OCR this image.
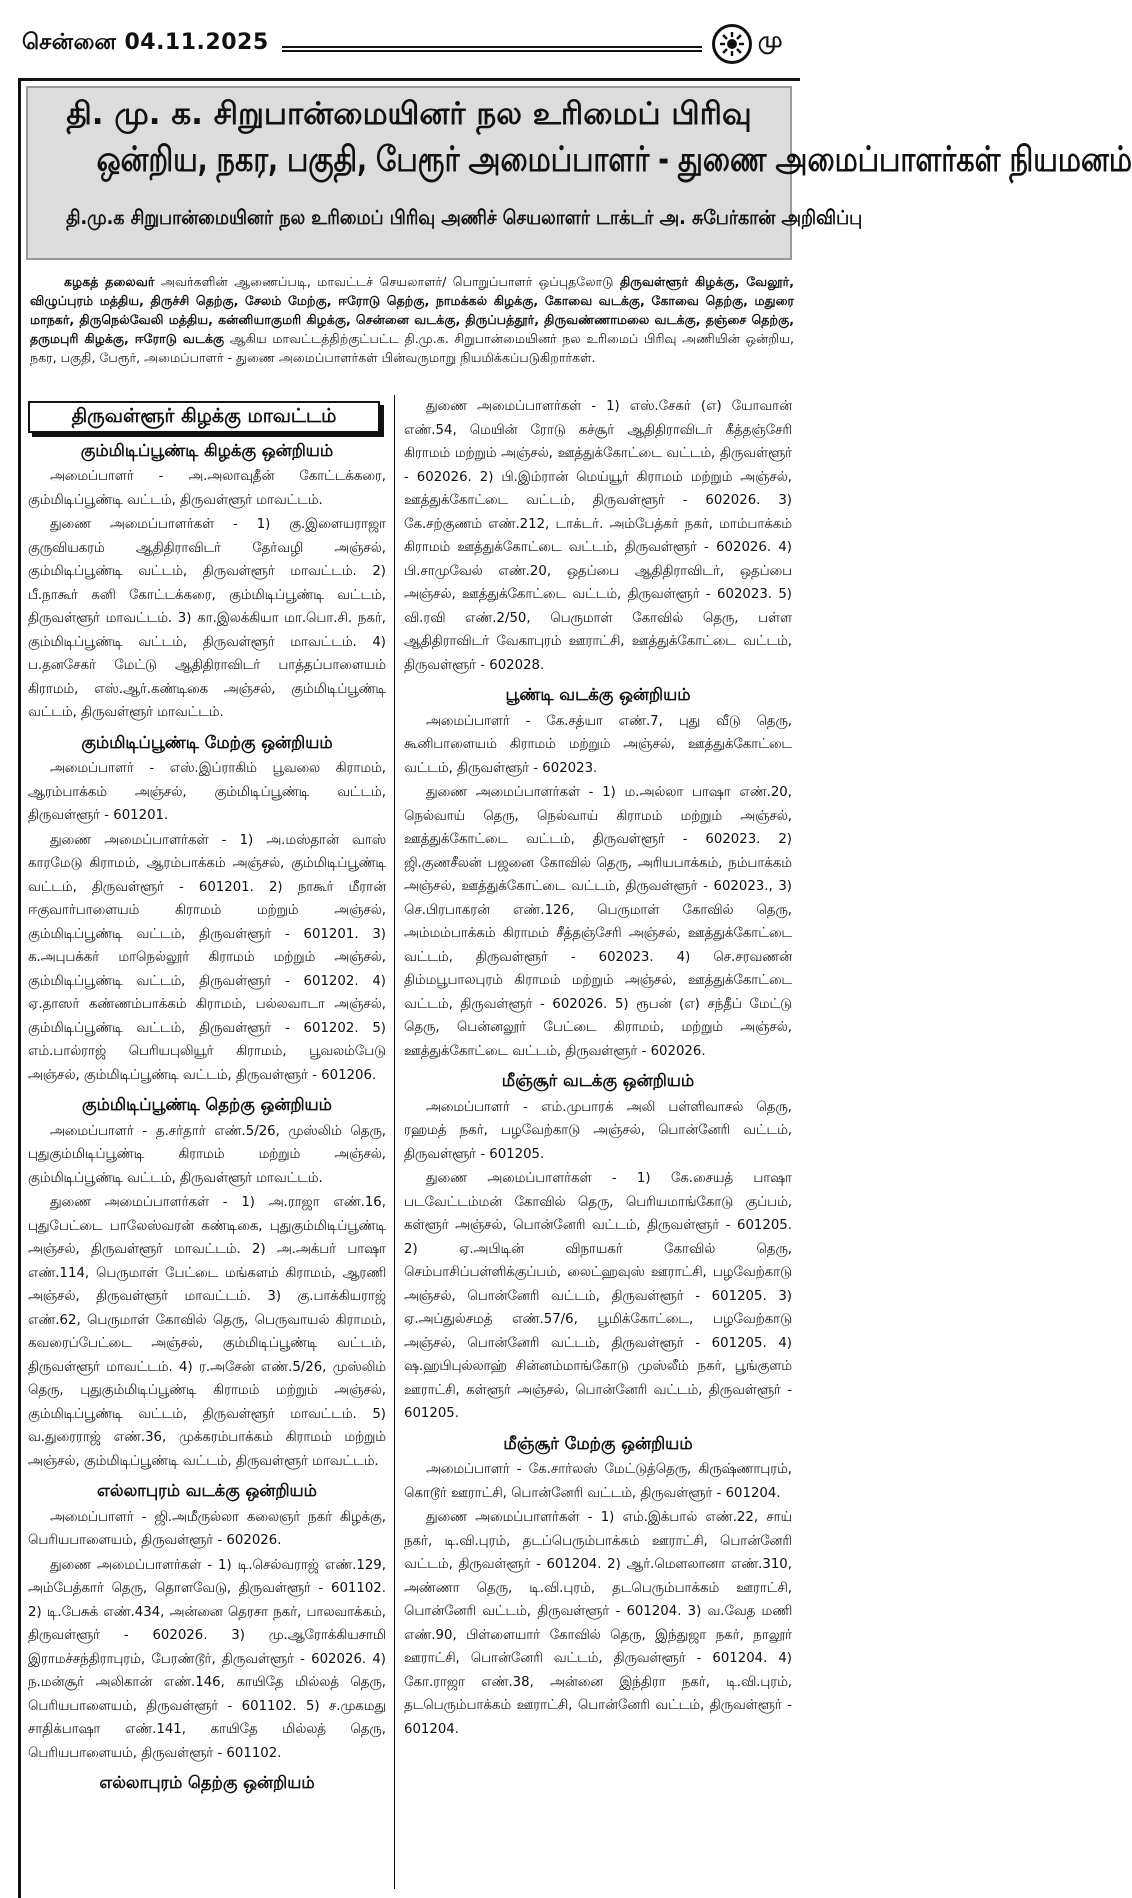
சென்னை 04.11.2025	மு
தி. மு. க. சிறுபான்மையினர் நல உரிமைப் பிரிவு
ஒன்றிய, நகர, பகுதி, பேரூர் அமைப்பாளர் - துணை அமைப்பாளர்கள் நியமனம்
தி.மு.க சிறுபான்மையினர் நல உரிமைப் பிரிவு அணிச் செயலாளர் டாக்டர் அ. சுபேர்கான் அறிவிப்பு

கழகத் தலைவர் அவர்களின் ஆணைப்படி, மாவட்டச் செயலாளர்/ பொறுப்பாளர் ஒப்புதலோடு திருவள்ளூர் கிழக்கு, வேலூர், விழுப்புரம் மத்திய, திருச்சி தெற்கு, சேலம் மேற்கு, ஈரோடு தெற்கு, நாமக்கல் கிழக்கு, கோவை வடக்கு, கோவை தெற்கு, மதுரை மாநகர், திருநெல்வேலி மத்திய, கன்னியாகுமரி கிழக்கு, சென்னை வடக்கு, திருப்பத்தூர், திருவண்ணாமலை வடக்கு, தஞ்சை தெற்கு, தருமபுரி கிழக்கு, ஈரோடு வடக்கு ஆகிய மாவட்டத்திற்குட்பட்ட தி.மு.க. சிறுபான்மையினர் நல உரிமைப் பிரிவு அணியின் ஒன்றிய, நகர, பகுதி, பேரூர், அமைப்பாளர் - துணை அமைப்பாளர்கள் பின்வருமாறு நியமிக்கப்படுகிறார்கள்.

திருவள்ளூர் கிழக்கு மாவட்டம்
கும்மிடிப்பூண்டி கிழக்கு ஒன்றியம்

அமைப்பாளர் - அ.அலாவுதீன் கோட்டக்கரை, கும்மிடிப்பூண்டி வட்டம், திருவள்ளூர் மாவட்டம்.

துணை அமைப்பாளர்கள் - 1) கு.இளையராஜா குருவியகரம் ஆதிதிராவிடர் தேர்வழி அஞ்சல், கும்மிடிப்பூண்டி வட்டம், திருவள்ளூர் மாவட்டம். 2) பீ.நாகூர் கனி கோட்டக்கரை, கும்மிடிப்பூண்டி வட்டம், திருவள்ளூர் மாவட்டம். 3) கா.இலக்கியா மா.பொ.சி. நகர், கும்மிடிப்பூண்டி வட்டம், திருவள்ளூர் மாவட்டம். 4) ப.தனசேகர் மேட்டு ஆதிதிராவிடர் பாத்தப்பாளையம் கிராமம், எஸ்.ஆர்.கண்டிகை அஞ்சல், கும்மிடிப்பூண்டி வட்டம், திருவள்ளூர் மாவட்டம்.

கும்மிடிப்பூண்டி மேற்கு ஒன்றியம்

அமைப்பாளர் - எஸ்.இப்ராகிம் பூவலை கிராமம், ஆரம்பாக்கம் அஞ்சல், கும்மிடிப்பூண்டி வட்டம், திருவள்ளூர் - 601201.

துணை அமைப்பாளர்கள் - 1) அ.மஸ்தான் வாஸ் காரமேடு கிராமம், ஆரம்பாக்கம் அஞ்சல், கும்மிடிப்பூண்டி வட்டம், திருவள்ளூர் - 601201. 2) நாகூர் மீரான் ஈகுவார்பாளையம் கிராமம் மற்றும் அஞ்சல், கும்மிடிப்பூண்டி வட்டம், திருவள்ளூர் - 601201. 3) க.அபுபக்கர் மாநெல்லூர் கிராமம் மற்றும் அஞ்சல், கும்மிடிப்பூண்டி வட்டம், திருவள்ளூர் - 601202. 4) ஏ.தாஸர் கண்ணம்பாக்கம் கிராமம், பல்லவாடா அஞ்சல், கும்மிடிப்பூண்டி வட்டம், திருவள்ளூர் - 601202. 5) எம்.பால்ராஜ் பெரியபுலியூர் கிராமம், பூவலம்பேடு அஞ்சல், கும்மிடிப்பூண்டி வட்டம், திருவள்ளூர் - 601206.

கும்மிடிப்பூண்டி தெற்கு ஒன்றியம்

அமைப்பாளர் - த.சர்தார் எண்.5/26, முஸ்லிம் தெரு, புதுகும்மிடிப்பூண்டி கிராமம் மற்றும் அஞ்சல், கும்மிடிப்பூண்டி வட்டம், திருவள்ளூர் மாவட்டம்.

துணை அமைப்பாளர்கள் - 1) அ.ராஜா எண்.16, புதுபேட்டை பாலேஸ்வரன் கண்டிகை, புதுகும்மிடிப்பூண்டி அஞ்சல், திருவள்ளூர் மாவட்டம். 2) அ.அக்பர் பாஷா எண்.114, பெருமாள் பேட்டை மங்களம் கிராமம், ஆரணி அஞ்சல், திருவள்ளூர் மாவட்டம். 3) கு.பாக்கியராஜ் எண்.62, பெருமாள் கோவில் தெரு, பெருவாயல் கிராமம், கவரைப்பேட்டை அஞ்சல், கும்மிடிப்பூண்டி வட்டம், திருவள்ளூர் மாவட்டம். 4) ர.அசேன் எண்.5/26, முஸ்லிம் தெரு, புதுகும்மிடிப்பூண்டி கிராமம் மற்றும் அஞ்சல், கும்மிடிப்பூண்டி வட்டம், திருவள்ளூர் மாவட்டம். 5) வ.துரைராஜ் எண்.36, முக்கரம்பாக்கம் கிராமம் மற்றும் அஞ்சல், கும்மிடிப்பூண்டி வட்டம், திருவள்ளூர் மாவட்டம்.

எல்லாபுரம் வடக்கு ஒன்றியம்

அமைப்பாளர் - ஜி.அமீருல்லா கலைஞர் நகர் கிழக்கு, பெரியபாளையம், திருவள்ளூர் - 602026.

துணை அமைப்பாளர்கள் - 1) டி.செல்வராஜ் எண்.129, அம்பேத்கார் தெரு, தொளவேடு, திருவள்ளூர் - 601102. 2) டி.பேசுக் எண்.434, அன்னை தெரசா நகர், பாலவாக்கம், திருவள்ளூர் - 602026. 3) மு.ஆரோக்கியசாமி இராமச்சந்திராபுரம், பேரண்டூர், திருவள்ளூர் - 602026. 4) ந.மன்சூர் அலிகான் எண்.146, காயிதே மில்லத் தெரு, பெரியபாளையம், திருவள்ளூர் - 601102. 5) ச.முகமது சாதிக்பாஷா எண்.141, காயிதே மில்லத் தெரு, பெரியபாளையம், திருவள்ளூர் - 601102.

எல்லாபுரம் தெற்கு ஒன்றியம்

துணை அமைப்பாளர்கள் - 1) எஸ்.சேகர் (எ) யோவான் எண்.54, மெயின் ரோடு கச்சூர் ஆதிதிராவிடர் கீத்தஞ்சேரி கிராமம் மற்றும் அஞ்சல், ஊத்துக்கோட்டை வட்டம், திருவள்ளூர் - 602026. 2) பி.இம்ரான் மெய்யூர் கிராமம் மற்றும் அஞ்சல், ஊத்துக்கோட்டை வட்டம், திருவள்ளூர் - 602026. 3) கே.சற்குணம் எண்.212, டாக்டர். அம்பேத்கர் நகர், மாம்பாக்கம் கிராமம் ஊத்துக்கோட்டை வட்டம், திருவள்ளூர் - 602026. 4) பி.சாமுவேல் எண்.20, ஒதப்பை ஆதிதிராவிடர், ஒதப்பை அஞ்சல், ஊத்துக்கோட்டை வட்டம், திருவள்ளூர் - 602023. 5) வி.ரவி எண்.2/50, பெருமாள் கோவில் தெரு, பள்ள ஆதிதிராவிடர் வேகாபுரம் ஊராட்சி, ஊத்துக்கோட்டை வட்டம், திருவள்ளூர் - 602028.

பூண்டி வடக்கு ஒன்றியம்

அமைப்பாளர் - கே.சத்யா எண்.7, புது வீடு தெரு, கூனிபாளையம் கிராமம் மற்றும் அஞ்சல், ஊத்துக்கோட்டை வட்டம், திருவள்ளூர் - 602023.

துணை அமைப்பாளர்கள் - 1) ம.அல்லா பாஷா எண்.20, நெல்வாய் தெரு, நெல்வாய் கிராமம் மற்றும் அஞ்சல், ஊத்துக்கோட்டை வட்டம், திருவள்ளூர் - 602023. 2) ஜி.குணசீலன் பஜனை கோவில் தெரு, அரியபாக்கம், நம்பாக்கம் அஞ்சல், ஊத்துக்கோட்டை வட்டம், திருவள்ளூர் - 602023., 3) செ.பிரபாகரன் எண்.126, பெருமாள் கோவில் தெரு, அம்மம்பாக்கம் கிராமம் சீத்தஞ்சேரி அஞ்சல், ஊத்துக்கோட்டை வட்டம், திருவள்ளூர் - 602023. 4) செ.சரவணன் திம்மபூபாலபுரம் கிராமம் மற்றும் அஞ்சல், ஊத்துக்கோட்டை வட்டம், திருவள்ளூர் - 602026. 5) ரூபன் (எ) சந்தீப் மேட்டு தெரு, பென்னலூர் பேட்டை கிராமம், மற்றும் அஞ்சல், ஊத்துக்கோட்டை வட்டம், திருவள்ளூர் - 602026.

மீஞ்சூர் வடக்கு ஒன்றியம்

அமைப்பாளர் - எம்.முபாரக் அலி பள்ளிவாசல் தெரு, ரஹமத் நகர், பழவேற்காடு அஞ்சல், பொன்னேரி வட்டம், திருவள்ளூர் - 601205.

துணை அமைப்பாளர்கள் - 1) கே.சையத் பாஷா படவேட்டம்மன் கோவில் தெரு, பெரியமாங்கோடு குப்பம், கள்ளூர் அஞ்சல், பொன்னேரி வட்டம், திருவள்ளூர் - 601205. 2) ஏ.அபிடின் விநாயகர் கோவில் தெரு, செம்பாசிப்பள்ளிக்குப்பம், லைட்ஹவுஸ் ஊராட்சி, பழவேற்காடு அஞ்சல், பொன்னேரி வட்டம், திருவள்ளூர் - 601205. 3) ஏ.அப்துல்சமத் எண்.57/6, பூமிக்கோட்டை, பழவேற்காடு அஞ்சல், பொன்னேரி வட்டம், திருவள்ளூர் - 601205. 4) ஷ.ஹபிபுல்லாஹ் சின்னம்மாங்கோடு முஸ்லீம் நகர், பூங்குளம் ஊராட்சி, கள்ளூர் அஞ்சல், பொன்னேரி வட்டம், திருவள்ளூர் - 601205.

மீஞ்சூர் மேற்கு ஒன்றியம்

அமைப்பாளர் - கே.சார்லஸ் மேட்டுத்தெரு, கிருஷ்ணாபுரம், கொடூர் ஊராட்சி, பொன்னேரி வட்டம், திருவள்ளூர் - 601204.

துணை அமைப்பாளர்கள் - 1) எம்.இக்பால் எண்.22, சாய் நகர், டி.வி.புரம், தடப்பெரும்பாக்கம் ஊராட்சி, பொன்னேரி வட்டம், திருவள்ளூர் - 601204. 2) ஆர்.மௌலானா எண்.310, அண்ணா தெரு, டி.வி.புரம், தடபெரும்பாக்கம் ஊராட்சி, பொன்னேரி வட்டம், திருவள்ளூர் - 601204. 3) வ.வேத மணி எண்.90, பிள்ளையார் கோவில் தெரு, இந்துஜா நகர், நாலூர் ஊராட்சி, பொன்னேரி வட்டம், திருவள்ளூர் - 601204. 4) கோ.ராஜா எண்.38, அன்னை இந்திரா நகர், டி.வி.புரம், தடபெரும்பாக்கம் ஊராட்சி, பொன்னேரி வட்டம், திருவள்ளூர் - 601204.
